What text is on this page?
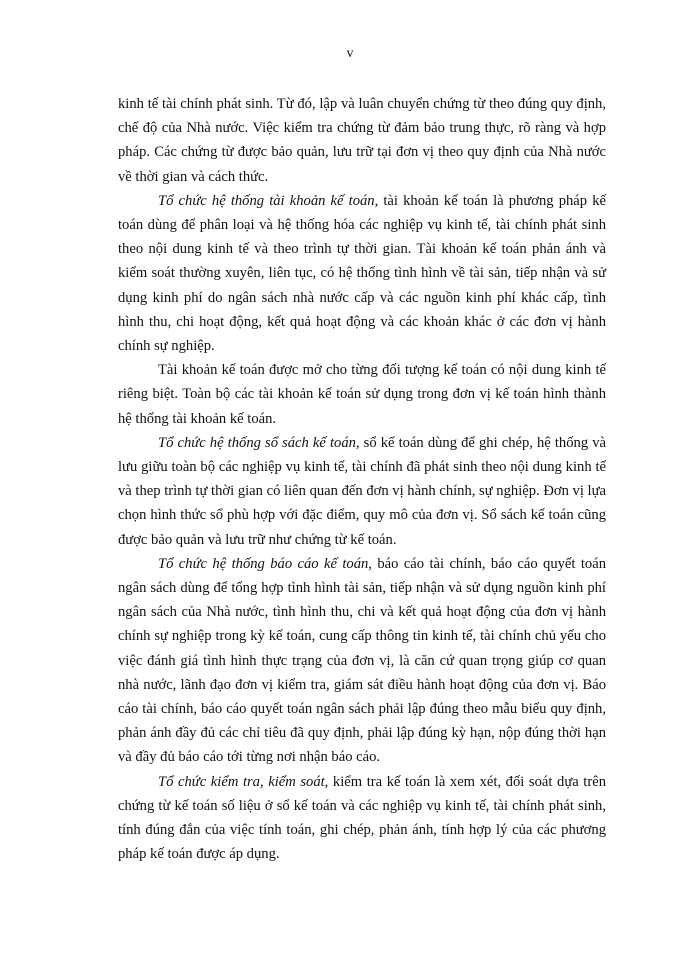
v

kinh tế tài chính phát sinh. Từ đó, lập và luân chuyển chứng từ theo đúng quy định, chế độ của Nhà nước. Việc kiểm tra chứng từ đảm bảo trung thực, rõ ràng và hợp pháp. Các chứng từ được bảo quản, lưu trữ tại đơn vị theo quy định của Nhà nước về thời gian và cách thức.

Tổ chức hệ thống tài khoản kế toán, tài khoản kế toán là phương pháp kế toán dùng để phân loại và hệ thống hóa các nghiệp vụ kinh tế, tài chính phát sinh theo nội dung kinh tế và theo trình tự thời gian. Tài khoản kế toán phản ánh và kiểm soát thường xuyên, liên tục, có hệ thống tình hình về tài sản, tiếp nhận và sử dụng kinh phí do ngân sách nhà nước cấp và các nguồn kinh phí khác cấp, tình hình thu, chi hoạt động, kết quả hoạt động và các khoản khác ở các đơn vị hành chính sự nghiệp.

Tài khoản kế toán được mở cho từng đối tượng kế toán có nội dung kinh tế riêng biệt. Toàn bộ các tài khoản kế toán sử dụng trong đơn vị kế toán hình thành hệ thống tài khoản kế toán.

Tổ chức hệ thống sổ sách kế toán, sổ kế toán dùng để ghi chép, hệ thống và lưu giữu toàn bộ các nghiệp vụ kinh tế, tài chính đã phát sinh theo nội dung kinh tế và thep trình tự thời gian có liên quan đến đơn vị hành chính, sự nghiệp. Đơn vị lựa chọn hình thức sổ phù hợp với đặc điểm, quy mô của đơn vị. Sổ sách kế toán cũng được bảo quản và lưu trữ như chứng từ kế toán.

Tổ chức hệ thống báo cáo kế toán, báo cáo tài chính, báo cáo quyết toán ngân sách dùng để tổng hợp tình hình tài sản, tiếp nhận và sử dụng nguồn kinh phí ngân sách của Nhà nước, tình hình thu, chi và kết quả hoạt động của đơn vị hành chính sự nghiệp trong kỳ kế toán, cung cấp thông tin kinh tế, tài chính chủ yếu cho việc đánh giá tình hình thực trạng của đơn vị, là căn cứ quan trọng giúp cơ quan nhà nước, lãnh đạo đơn vị kiểm tra, giám sát điều hành hoạt động của đơn vị. Báo cáo tài chính, báo cáo quyết toán ngân sách phải lập đúng theo mẫu biểu quy định, phản ánh đầy đủ các chỉ tiêu đã quy định, phải lập đúng kỳ hạn, nộp đúng thời hạn và đầy đủ báo cáo tới từng nơi nhận báo cáo.

Tổ chức kiểm tra, kiểm soát, kiểm tra kế toán là xem xét, đối soát dựa trên chứng từ kế toán số liệu ở sổ kế toán và các nghiệp vụ kinh tế, tài chính phát sinh, tính đúng đắn của việc tính toán, ghi chép, phản ánh, tính hợp lý của các phương pháp kế toán được áp dụng.
